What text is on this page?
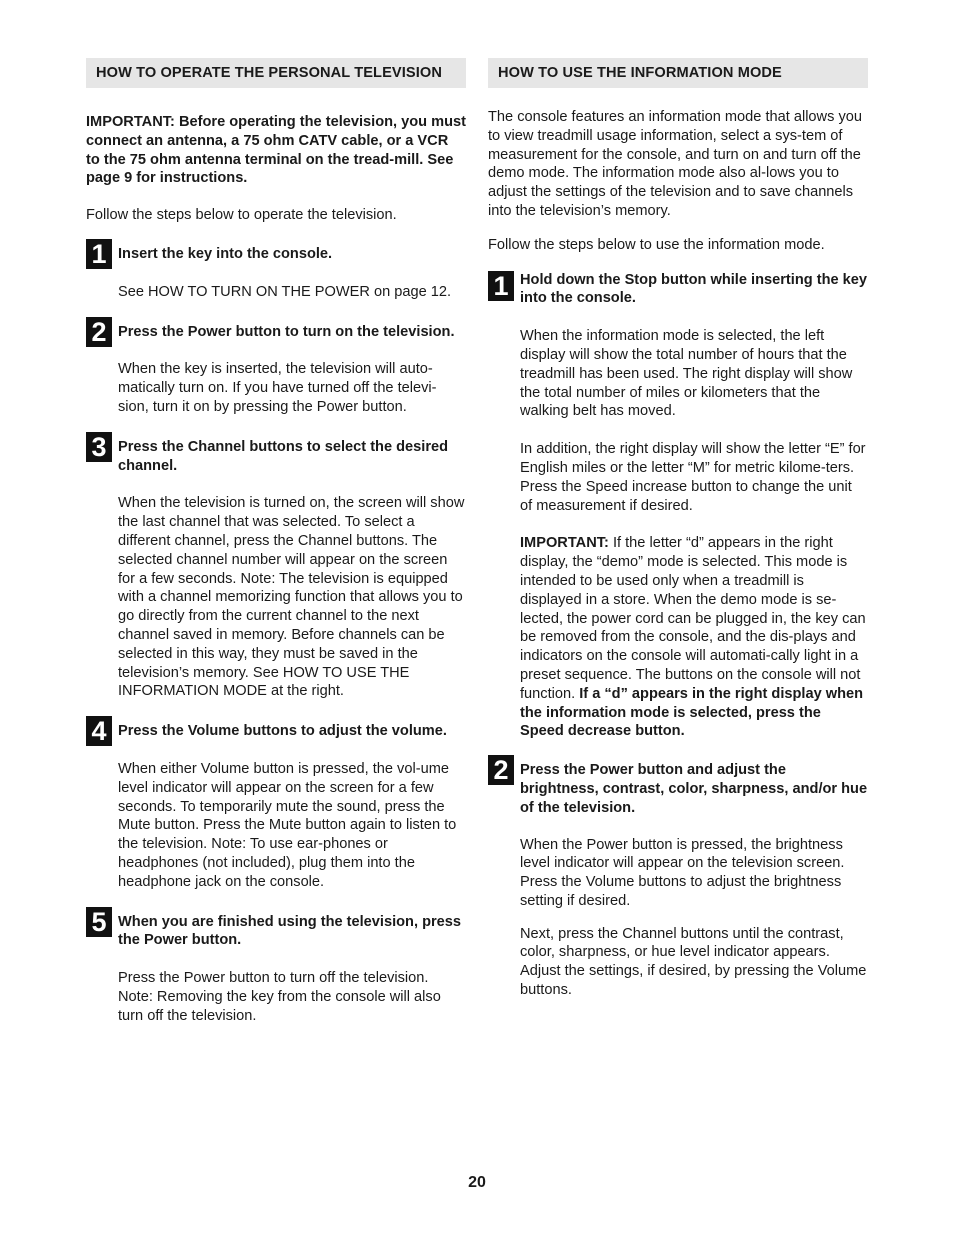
HOW TO OPERATE THE PERSONAL TELEVISION

IMPORTANT: Before operating the television, you must connect an antenna, a 75 ohm CATV cable, or a VCR to the 75 ohm antenna terminal on the tread-mill. See page 9 for instructions.

Follow the steps below to operate the television.

1 Insert the key into the console.

See HOW TO TURN ON THE POWER on page 12.

2 Press the Power button to turn on the television.

When the key is inserted, the television will auto-matically turn on. If you have turned off the televi-sion, turn it on by pressing the Power button.

3 Press the Channel buttons to select the desired channel.

When the television is turned on, the screen will show the last channel that was selected. To select a different channel, press the Channel buttons. The selected channel number will appear on the screen for a few seconds. Note: The television is equipped with a channel memorizing function that allows you to go directly from the current channel to the next channel saved in memory. Before channels can be selected in this way, they must be saved in the television’s memory. See HOW TO USE THE INFORMATION MODE at the right.

4 Press the Volume buttons to adjust the volume.

When either Volume button is pressed, the vol-ume level indicator will appear on the screen for a few seconds. To temporarily mute the sound, press the Mute button. Press the Mute button again to listen to the television. Note: To use ear-phones or headphones (not included), plug them into the headphone jack on the console.

5 When you are finished using the television, press the Power button.

Press the Power button to turn off the television. Note: Removing the key from the console will also turn off the television.

HOW TO USE THE INFORMATION MODE

The console features an information mode that allows you to view treadmill usage information, select a sys-tem of measurement for the console, and turn on and turn off the demo mode. The information mode also al-lows you to adjust the settings of the television and to save channels into the television’s memory.

Follow the steps below to use the information mode.

1 Hold down the Stop button while inserting the key into the console.

When the information mode is selected, the left display will show the total number of hours that the treadmill has been used. The right display will show the total number of miles or kilometers that the walking belt has moved.

In addition, the right display will show the letter “E” for English miles or the letter “M” for metric kilome-ters. Press the Speed increase button to change the unit of measurement if desired.

IMPORTANT: If the letter “d” appears in the right display, the “demo” mode is selected. This mode is intended to be used only when a treadmill is displayed in a store. When the demo mode is se-lected, the power cord can be plugged in, the key can be removed from the console, and the dis-plays and indicators on the console will automati-cally light in a preset sequence. The buttons on the console will not function. If a “d” appears in the right display when the information mode is selected, press the Speed decrease button.

2 Press the Power button and adjust the brightness, contrast, color, sharpness, and/or hue of the television.

When the Power button is pressed, the brightness level indicator will appear on the television screen. Press the Volume buttons to adjust the brightness setting if desired.

Next, press the Channel buttons until the contrast, color, sharpness, or hue level indicator appears. Adjust the settings, if desired, by pressing the Volume buttons.

20
